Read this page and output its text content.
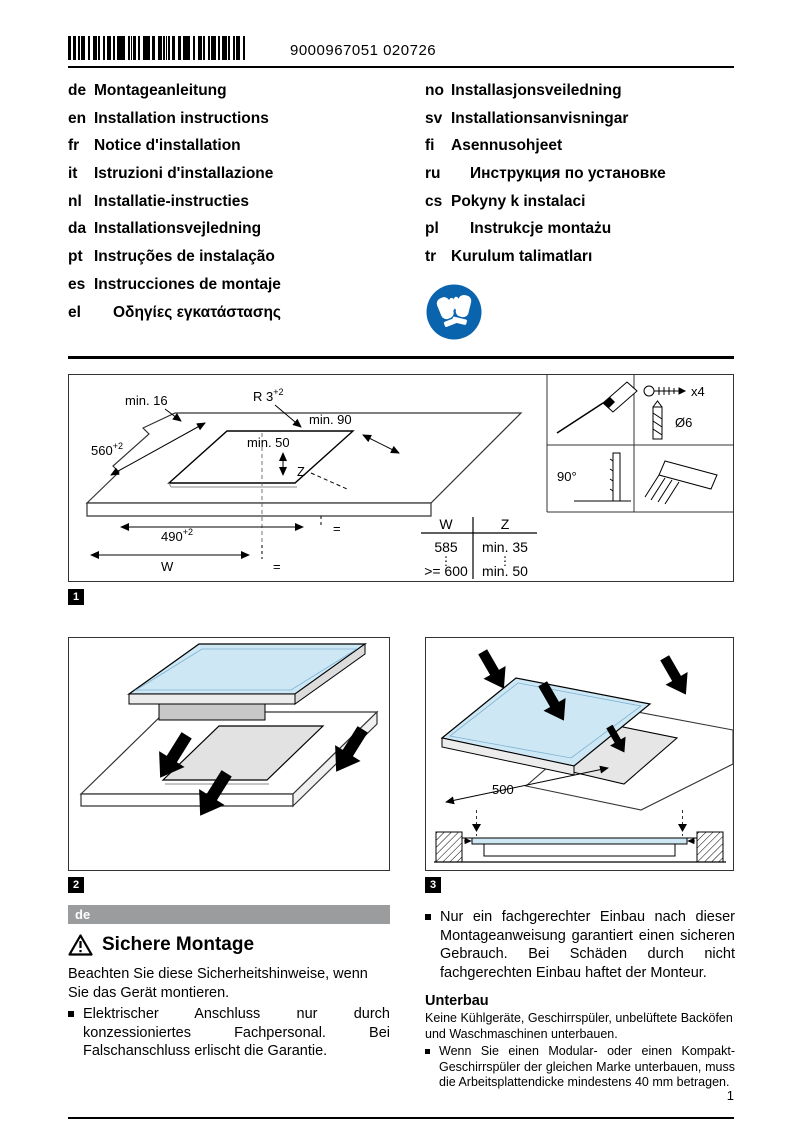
9000967051 020726
de Montageanleitung
en Installation instructions
fr Notice d'installation
it Istruzioni d'installazione
nl Installatie-instructies
da Installationsvejledning
pt Instruções de instalação
es Instrucciones de montaje
el Οδηγίες εγκατάστασης
no Installasjonsveiledning
sv Installationsanvisningar
fi Asennusohjeet
ru Инструкция по установке
cs Pokyny k instalaci
pl Instrukcje montażu
tr Kurulum talimatları
min. 16
$560^{+2}$
R $3^{+2}$
min. 90
min. 50
Z
$490^{+2}$
W
=
=
W	Z
585 min. 35
>= 600 min. 50
x4
Ø6
90°
1
2
500
3
de
Sichere Montage

Beachten Sie diese Sicherheitshinweise, wenn Sie das Gerät montieren.

Elektrischer Anschluss nur durch konzessioniertes Fachpersonal. Bei Falschanschluss erlischt die Garantie.
Nur ein fachgerechter Einbau nach dieser Montageanweisung garantiert einen sicheren Gebrauch. Bei Schäden durch nicht fachgerechten Einbau haftet der Monteur.
Unterbau

Keine Kühlgeräte, Geschirrspüler, unbelüftete Backöfen und Waschmaschinen unterbauen.

Wenn Sie einen Modular- oder einen Kompakt-Geschirrspüler der gleichen Marke unterbauen, muss die Arbeitsplattendicke mindestens 40 mm betragen.
1
